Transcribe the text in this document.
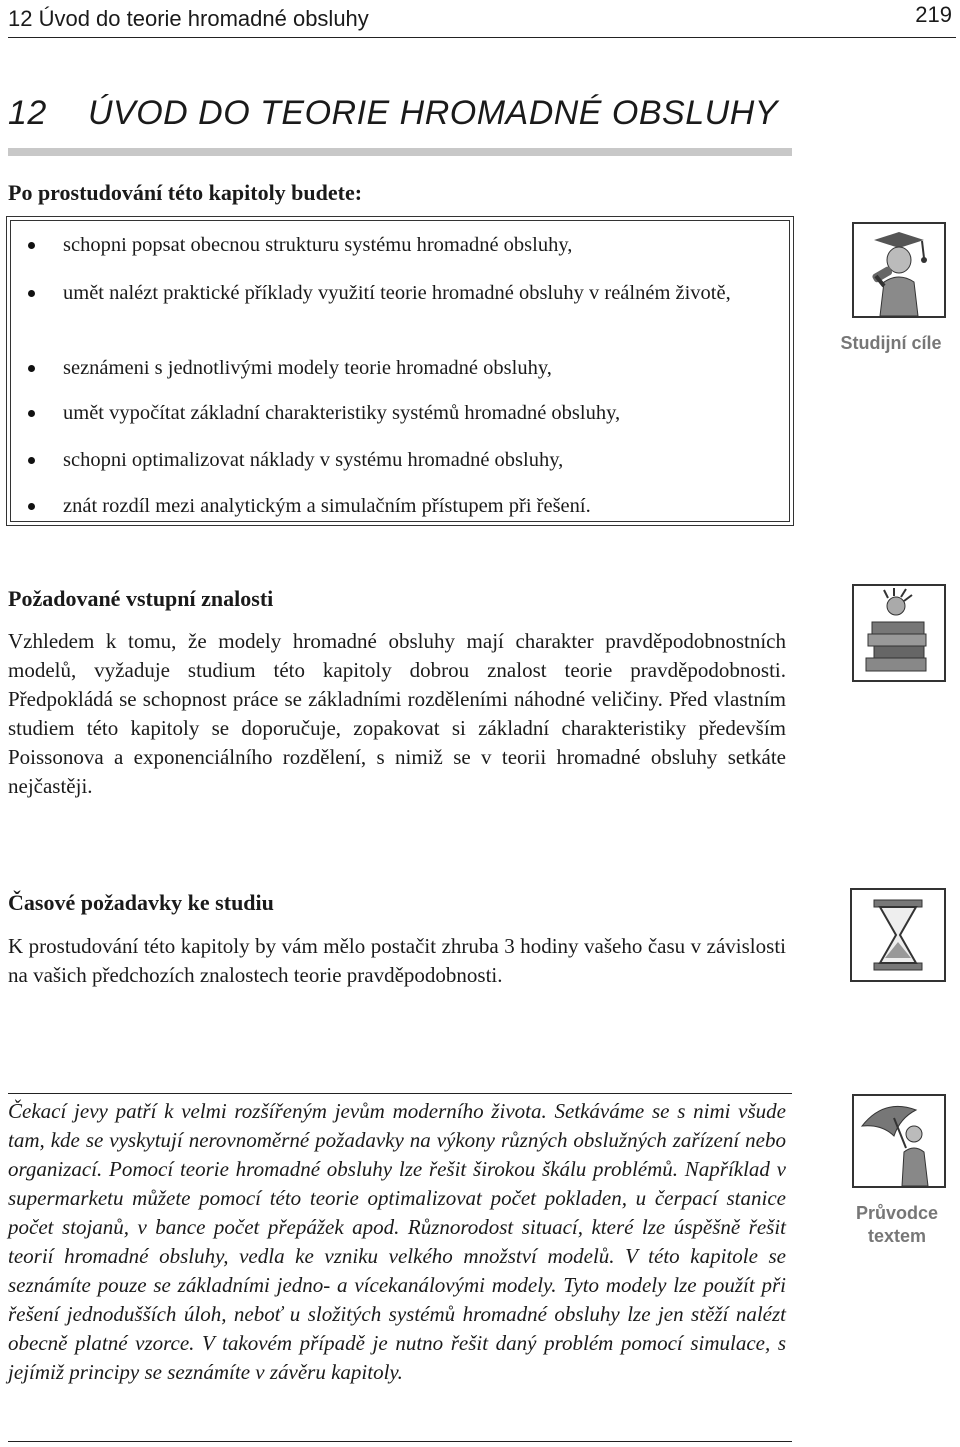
12 Úvod do teorie hromadné obsluhy	219
12 ÚVOD DO TEORIE HROMADNÉ OBSLUHY
Po prostudování této kapitoly budete:
schopni popsat obecnou strukturu systému hromadné obsluhy,
umět nalézt praktické příklady využití teorie hromadné obsluhy v reálném životě,
seznámeni s jednotlivými modely teorie hromadné obsluhy,
umět vypočítat základní charakteristiky systémů hromadné obsluhy,
schopni optimalizovat náklady v systému hromadné obsluhy,
znát rozdíl mezi analytickým a simulačním přístupem při řešení.
Studijní cíle
Požadované vstupní znalosti

Vzhledem k tomu, že modely hromadné obsluhy mají charakter pravděpodobnostních modelů, vyžaduje studium této kapitoly dobrou znalost teorie pravděpodobnosti. Předpokládá se schopnost práce se základními rozděleními náhodné veličiny. Před vlastním studiem této kapitoly se doporučuje, zopakovat si základní charakteristiky především Poissonova a exponenciálního rozdělení, s nimiž se v teorii hromadné obsluhy setkáte nejčastěji.

Časové požadavky ke studiu

K prostudování této kapitoly by vám mělo postačit zhruba 3 hodiny vašeho času v závislosti na vašich předchozích znalostech teorie pravděpodobnosti.

Čekací jevy patří k velmi rozšířeným jevům moderního života. Setkáváme se s nimi všude tam, kde se vyskytují nerovnoměrné požadavky na výkony různých obslužných zařízení nebo organizací. Pomocí teorie hromadné obsluhy lze řešit širokou škálu problémů. Například v supermarketu můžete pomocí této teorie optimalizovat počet pokladen, u čerpací stanice počet stojanů, v bance počet přepážek apod. Různorodost situací, které lze úspěšně řešit teorií hromadné obsluhy, vedla ke vzniku velkého množství modelů. V této kapitole se seznámíte pouze se základními jedno- a vícekanálovými modely. Tyto modely lze použít při řešení jednodušších úloh, neboť u složitých systémů hromadné obsluhy lze jen stěží nalézt obecně platné vzorce. V takovém případě je nutno řešit daný problém pomocí simulace, s jejímiž principy se seznámíte v závěru kapitoly.

Průvodce
textem
